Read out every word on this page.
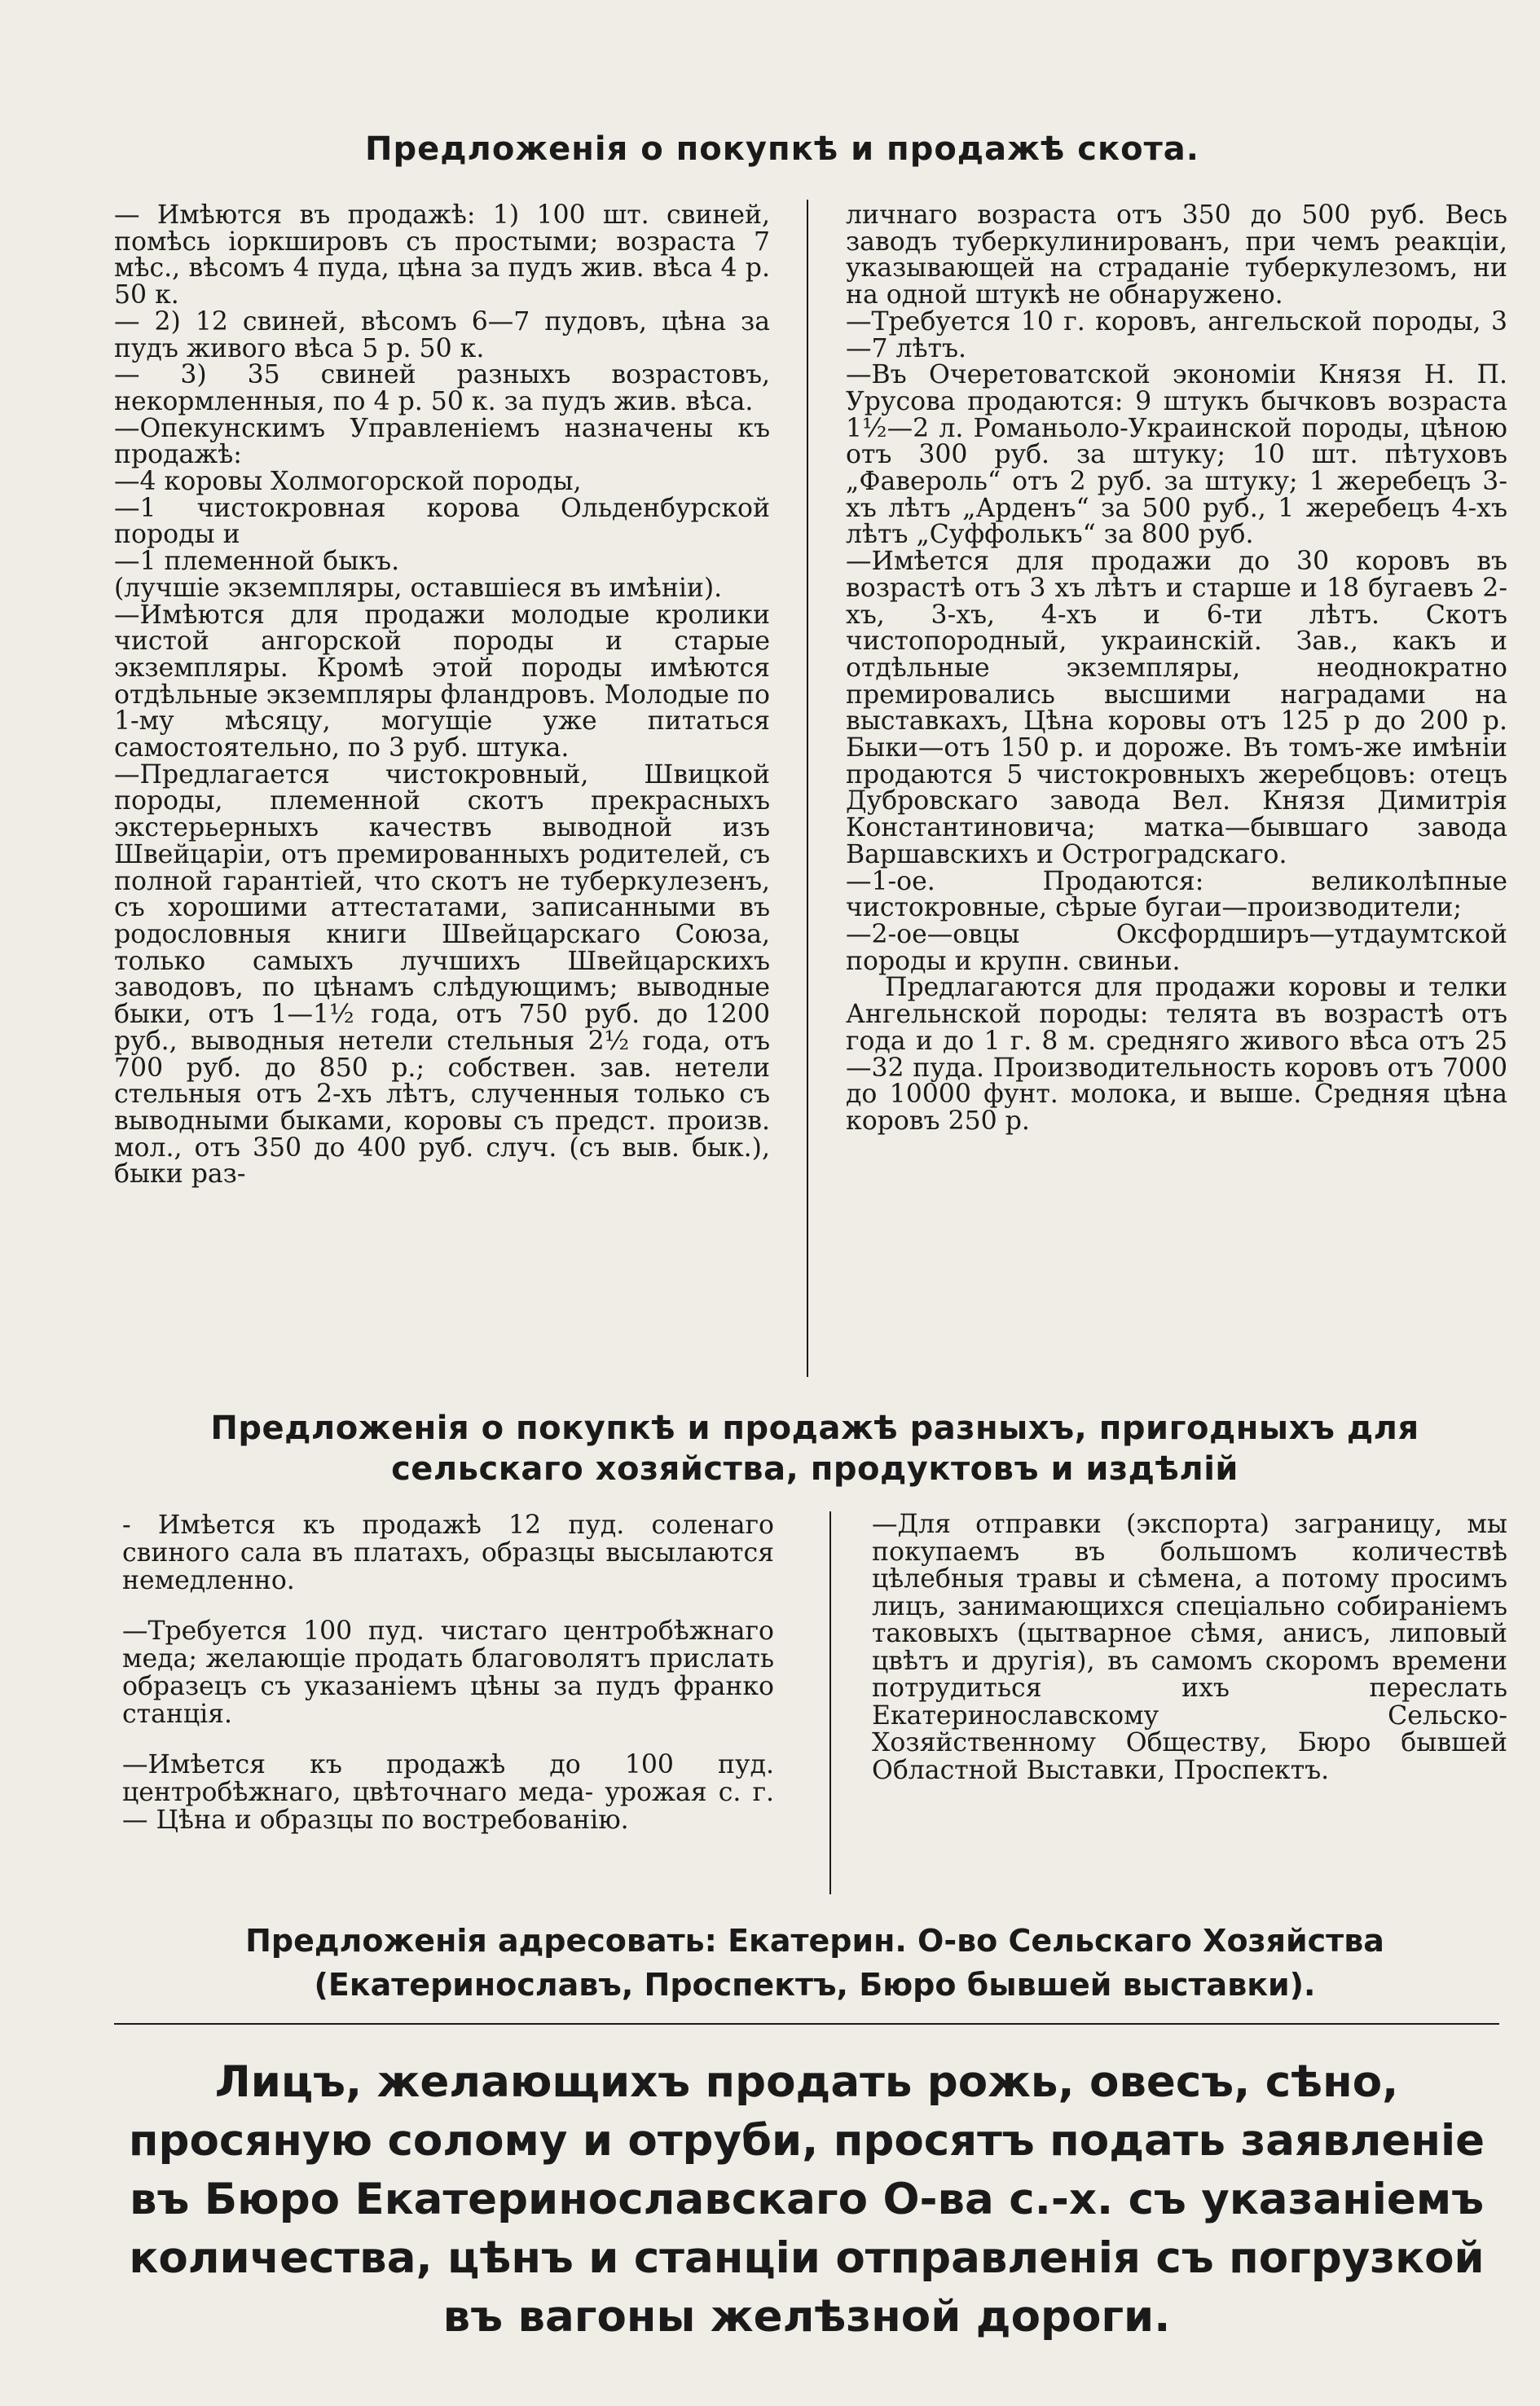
Предложенія о покупкѣ и продажѣ скота.

— Имѣются въ продажѣ: 1) 100 шт. свиней, помѣсь іоркшировъ съ простыми; возраста 7 мѣс., вѣсомъ 4 пуда, цѣна за пудъ жив. вѣса 4 р. 50 к.

— 2) 12 свиней, вѣсомъ 6—7 пудовъ, цѣна за пудъ живого вѣса 5 р. 50 к.

— 3) 35 свиней разныхъ возрастовъ, некормленныя, по 4 р. 50 к. за пудъ жив. вѣса.

—Опекунскимъ Управленіемъ назначены къ продажѣ:

—4 коровы Холмогорской породы,

—1 чистокровная корова Ольденбурской породы и

—1 племенной быкъ.

(лучшіе экземпляры, оставшіеся въ имѣніи).

—Имѣются для продажи молодые кролики чистой ангорской породы и старые экземпляры. Кромѣ этой породы имѣются отдѣльные экземпляры фландровъ. Молодые по 1-му мѣсяцу, могущіе уже питаться самостоятельно, по 3 руб. штука.

—Предлагается чистокровный, Швицкой породы, племенной скотъ прекрасныхъ экстерьерныхъ качествъ выводной изъ Швейцаріи, отъ премированныхъ родителей, съ полной гарантіей, что скотъ не туберкулезенъ, съ хорошими аттестатами, записанными въ родословныя книги Швейцарскаго Союза, только самыхъ лучшихъ Швейцарскихъ заводовъ, по цѣнамъ слѣдующимъ; выводные быки, отъ 1—1½ года, отъ 750 руб. до 1200 руб., выводныя нетели стельныя 2½ года, отъ 700 руб. до 850 р.; собствен. зав. нетели стельныя отъ 2-хъ лѣтъ, слученныя только съ выводными быками, коровы съ предст. произв. мол., отъ 350 до 400 руб. случ. (съ выв. бык.), быки раз-

личнаго возраста отъ 350 до 500 руб. Весь заводъ туберкулинированъ, при чемъ реакціи, указывающей на страданіе туберкулезомъ, ни на одной штукѣ не обнаружено.

—Требуется 10 г. коровъ, ангельской породы, 3—7 лѣтъ.

—Въ Очеретоватской экономіи Князя Н. П. Урусова продаются: 9 штукъ бычковъ возраста 1½—2 л. Романьоло-Украинской породы, цѣною отъ 300 руб. за штуку; 10 шт. пѣтуховъ „Фавероль“ отъ 2 руб. за штуку; 1 жеребецъ 3-хъ лѣтъ „Арденъ“ за 500 руб., 1 жеребецъ 4-хъ лѣтъ „Суффолькъ“ за 800 руб.

—Имѣется для продажи до 30 коровъ въ возрастѣ отъ 3 хъ лѣтъ и старше и 18 бугаевъ 2-хъ, 3-хъ, 4-хъ и 6-ти лѣтъ. Скотъ чистопородный, украинскій. Зав., какъ и отдѣльные экземпляры, неоднократно премировались высшими наградами на выставкахъ, Цѣна коровы отъ 125 р до 200 р. Быки—отъ 150 р. и дороже. Въ томъ-же имѣніи продаются 5 чистокровныхъ жеребцовъ: отецъ Дубровскаго завода Вел. Князя Димитрія Константиновича; матка—бывшаго завода Варшавскихъ и Остроградскаго.

—1-ое. Продаются: великолѣпные чистокровные, сѣрые бугаи—производители;

—2-ое—овцы Оксфордширъ—утдаумтской породы и крупн. свиньи.

Предлагаются для продажи коровы и телки Ангельнской породы: телята въ возрастѣ отъ года и до 1 г. 8 м. средняго живого вѣса отъ 25—32 пуда. Производительность коровъ отъ 7000 до 10000 фунт. молока, и выше. Средняя цѣна коровъ 250 р.

Предложенія о покупкѣ и продажѣ разныхъ, пригодныхъ для сельскаго хозяйства, продуктовъ и издѣлій

- Имѣется къ продажѣ 12 пуд. соленаго свиного сала въ платахъ, образцы высылаются немедленно.

—Требуется 100 пуд. чистаго центробѣжнаго меда; желающіе продать благоволятъ прислать образецъ съ указаніемъ цѣны за пудъ франко станція.

—Имѣется къ продажѣ до 100 пуд. центробѣжнаго, цвѣточнаго меда- урожая с. г.— Цѣна и образцы по востребованію.

—Для отправки (экспорта) заграницу, мы покупаемъ въ большомъ количествѣ цѣлебныя травы и сѣмена, а потому просимъ лицъ, занимающихся спеціально собираніемъ таковыхъ (цытварное сѣмя, анисъ, липовый цвѣтъ и другія), въ самомъ скоромъ времени потрудиться ихъ переслать Екатеринославскому Сельско-Хозяйственному Обществу, Бюро бывшей Областной Выставки, Проспектъ.

Предложенія адресовать: Екатерин. О-во Сельскаго Хозяйства (Екатеринославъ, Проспектъ, Бюро бывшей выставки).
Лицъ, желающихъ продать рожь, овесъ, сѣно, просяную солому и отруби, просятъ подать заявленіе въ Бюро Екатеринославскаго О-ва с.-х. съ указаніемъ количества, цѣнъ и станціи отправленія съ погрузкой въ вагоны желѣзной дороги.
